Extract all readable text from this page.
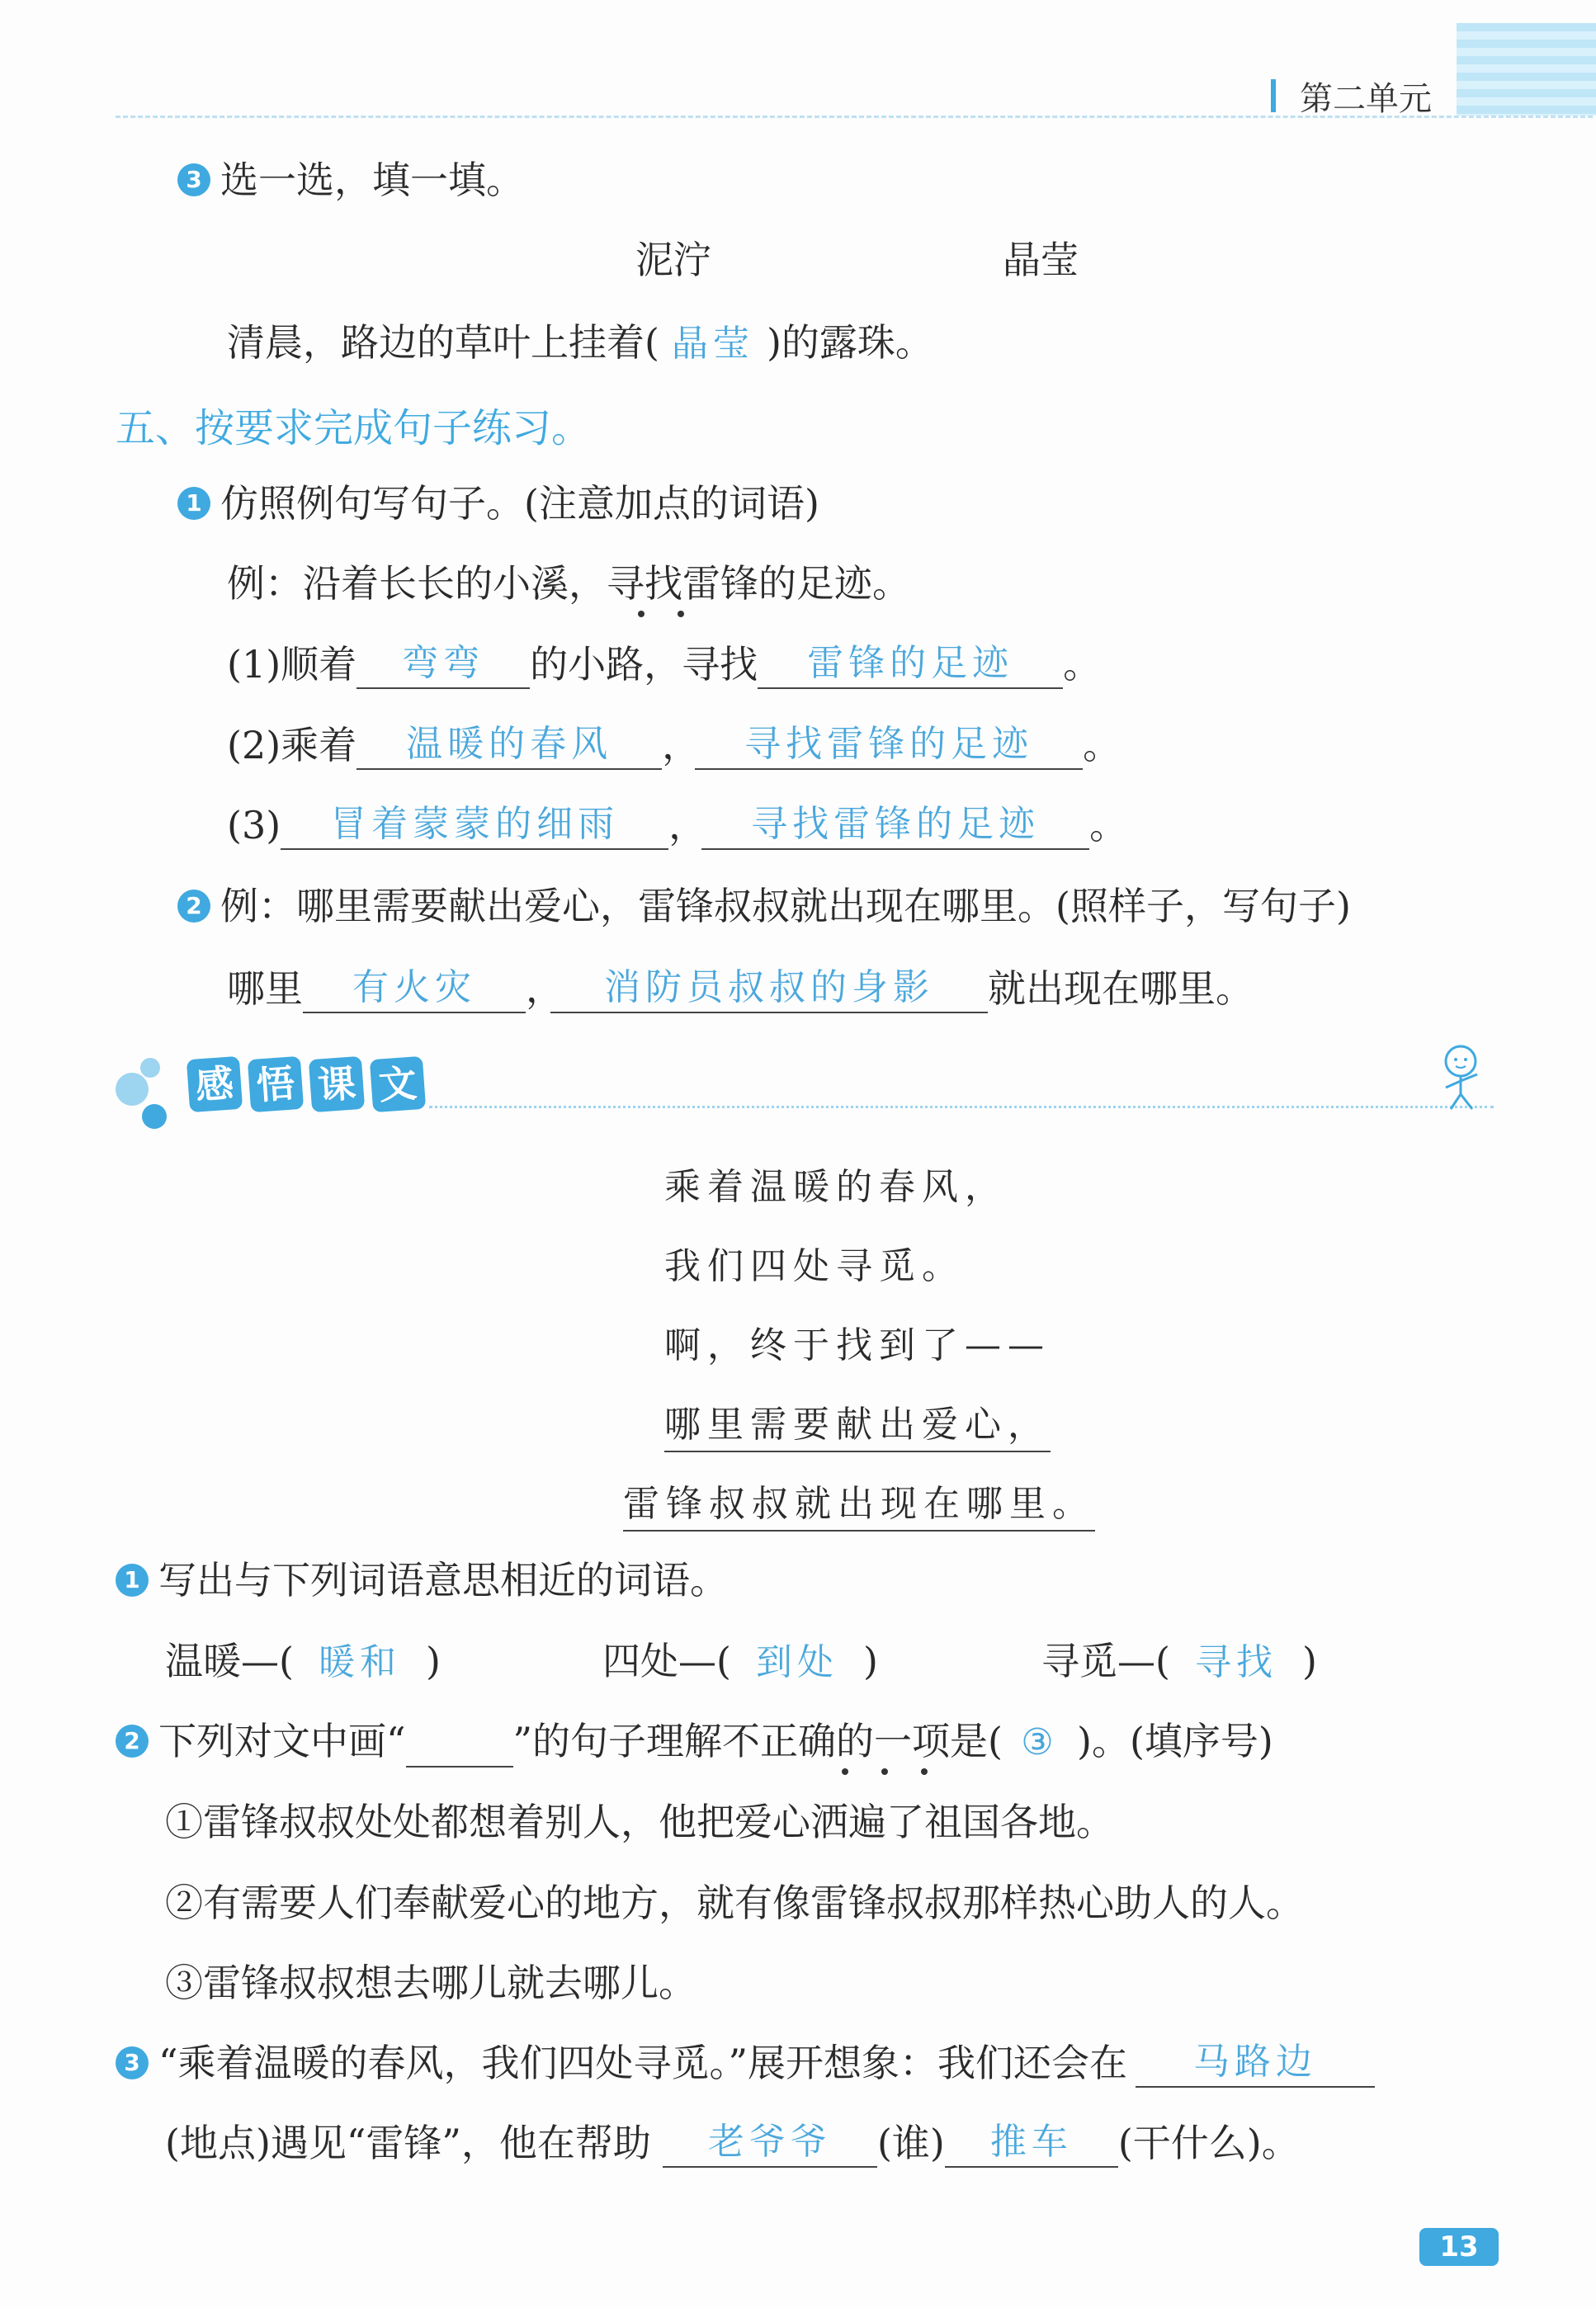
第二单元
3 选一选，填一填。
泥泞	晶莹
清晨，路边的草叶上挂着( 晶莹 )的露珠。
五、按要求完成句子练习。
1 仿照例句写句子。(注意加点的词语)
例：沿着长长的小溪，寻找雷锋的足迹。
(1)顺着 弯弯 的小路，寻找 雷锋的足迹 。
(2)乘着 温暖的春风 ， 寻找雷锋的足迹 。
(3) 冒着蒙蒙的细雨 ， 寻找雷锋的足迹 。
2 例：哪里需要献出爱心，雷锋叔叔就出现在哪里。(照样子，写句子)
哪里 有火灾 ， 消防员叔叔的身影 就出现在哪里。
感 悟 课 文
乘着温暖的春风，
我们四处寻觅。
啊，终于找到了——
哪里需要献出爱心，
雷锋叔叔就出现在哪里。
1 写出与下列词语意思相近的词语。
温暖—( 暖和 )	四处—( 到处 )	寻觅—( 寻找 )
2 下列对文中画“	”的句子理解不正确的一项是( ③ )。(填序号)
①雷锋叔叔处处都想着别人，他把爱心洒遍了祖国各地。
②有需要人们奉献爱心的地方，就有像雷锋叔叔那样热心助人的人。
③雷锋叔叔想去哪儿就去哪儿。
3 “乘着温暖的春风，我们四处寻觅。”展开想象：我们还会在 马路边
(地点)遇见“雷锋”，他在帮助 老爷爷 (谁) 推车 (干什么)。
13
